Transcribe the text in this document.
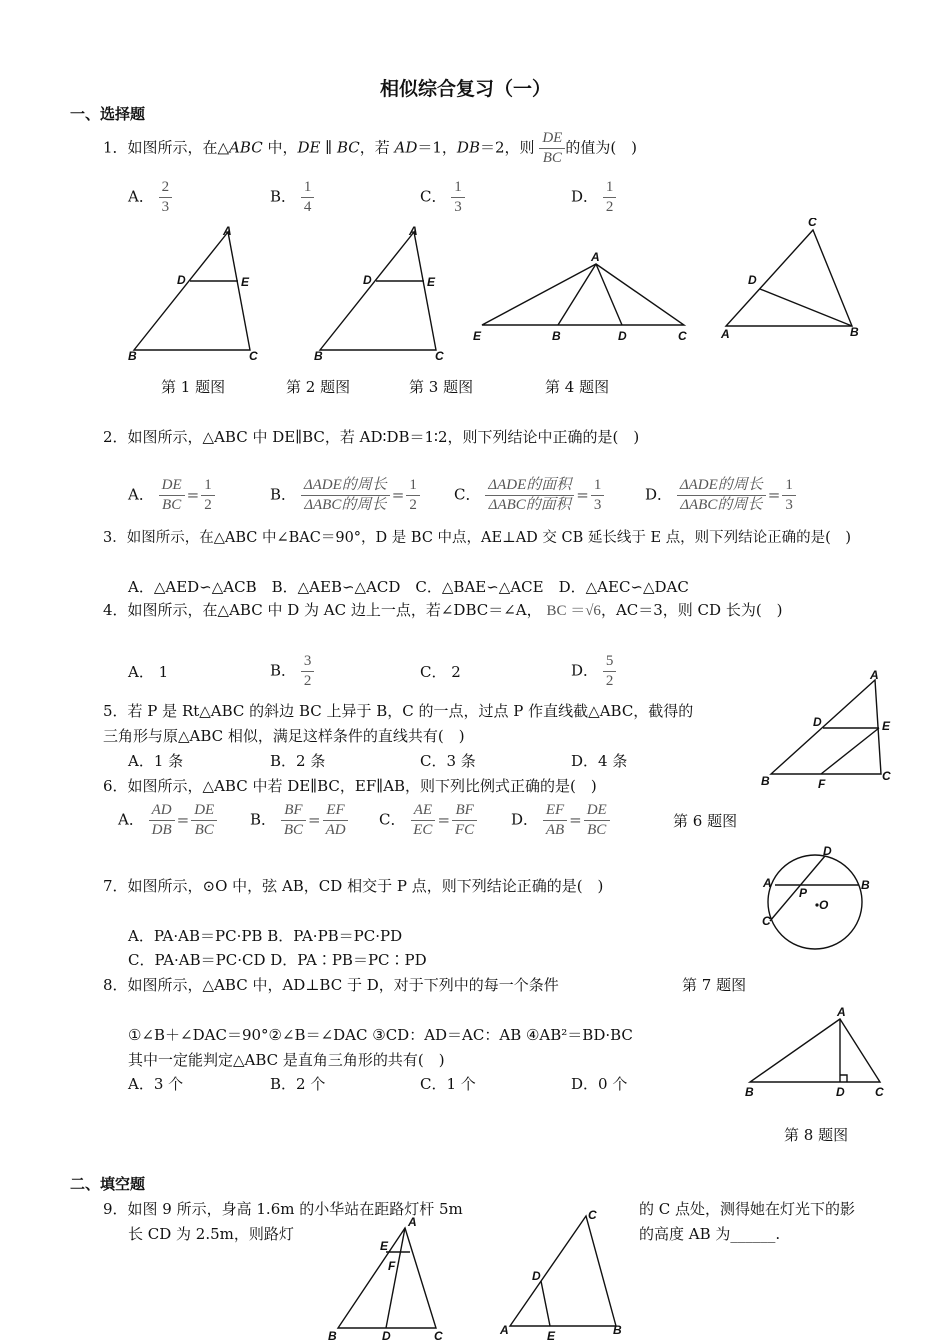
相似综合复习（一）
一、选择题
1．如图所示，在△ABC 中，DE ∥ BC，若 AD＝1，DB＝2，则 $\frac{DE}{BC}$ 的值为(　)
A． $\frac{2}{3}$	B． $\frac{1}{4}$	C． $\frac{1}{3}$	D． $\frac{1}{2}$
A
D	E
B	C
A
D	E
B	C
A
E	B	D	C
C
D
A	B
第 1 题图	第 2 题图	第 3 题图	第 4 题图
2．如图所示，△ABC 中 DE∥BC，若 AD∶DB＝1∶2，则下列结论中正确的是(　)
A． $\frac{DE}{BC} = \frac{1}{2}$	B． $\frac{\text{ΔADE的周长}}{\text{ΔABC的周长}} = \frac{1}{2}$ C． $\frac{\text{ΔADE的面积}}{\text{ΔABC的面积}} = \frac{1}{3}$	D． $\frac{\text{ΔADE的周长}}{\text{ΔABC的周长}} = \frac{1}{3}$
3．如图所示，在△ABC 中∠BAC＝90°，D 是 BC 中点，AE⊥AD 交 CB 延长线于 E 点，则下列结论正确的是(　)
A．△AED∽△ACB　B．△AEB∽△ACD　C．△BAE∽△ACE　D．△AEC∽△DAC
4．如图所示，在△ABC 中 D 为 AC 边上一点，若∠DBC＝∠A， BC ＝√6，AC＝3，则 CD 长为(　)
A． 1	B． $\frac{3}{2}$	C． 2	D． $\frac{5}{2}$
5．若 P 是 Rt△ABC 的斜边 BC 上异于 B，C 的一点，过点 P 作直线截△ABC，截得的
三角形与原△ABC 相似，满足这样条件的直线共有(　)
A．1 条	B．2 条	C．3 条	D．4 条
A
D	E
B	F
C
6．如图所示，△ABC 中若 DE∥BC，EF∥AB，则下列比例式正确的是(　)
A． $\frac{AD}{DB} = \frac{DE}{BC}$ B． $\frac{BF}{BC} = \frac{EF}{AD}$ C． $\frac{AE}{EC} = \frac{BF}{FC}$ D． $\frac{EF}{AB} = \frac{DE}{BC}$	第 6 题图
D
A
P
B
C
O
7．如图所示，⊙O 中，弦 AB，CD 相交于 P 点，则下列结论正确的是(　)
A．PA·AB＝PC·PB B．PA·PB＝PC·PD
C．PA·AB＝PC·CD D．PA∶PB＝PC∶PD
第 7 题图
8．如图所示，△ABC 中，AD⊥BC 于 D，对于下列中的每一个条件
①∠B＋∠DAC＝90°②∠B＝∠DAC ③CD：AD＝AC：AB ④AB²＝BD·BC
其中一定能判定△ABC 是直角三角形的共有(　)
A．3 个	B．2 个	C．1 个	D．0 个
A
B	D	C
第 8 题图
二、填空题
9．如图 9 所示，身高 1.6m 的小华站在距路灯杆 5m	的 C 点处，测得她在灯光下的影
长 CD 为 2.5m，则路灯	的高度 AB 为______.
A
E
F
B	D	C
C
D
A	E	B
